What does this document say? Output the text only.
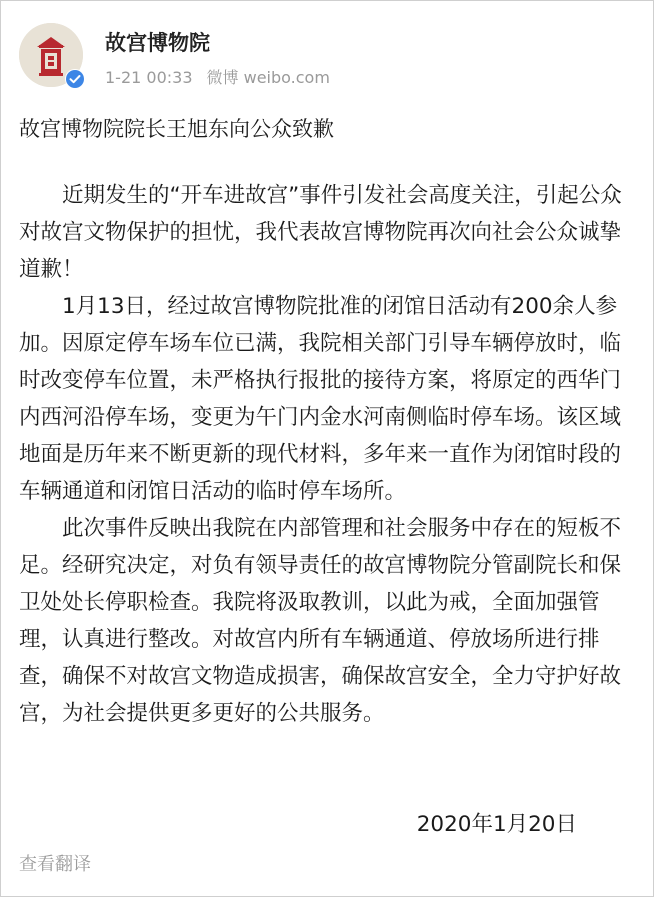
故宫博物院
1-21 00:33 微博 weibo.com
故宫博物院院长王旭东向公众致歉

近期发生的“开车进故宫”事件引发社会高度关注，引起公众对故宫文物保护的担忧，我代表故宫博物院再次向社会公众诚挚道歉！

1月13日，经过故宫博物院批准的闭馆日活动有200余人参加。因原定停车场车位已满，我院相关部门引导车辆停放时，临时改变停车位置，未严格执行报批的接待方案，将原定的西华门内西河沿停车场，变更为午门内金水河南侧临时停车场。该区域地面是历年来不断更新的现代材料，多年来一直作为闭馆时段的车辆通道和闭馆日活动的临时停车场所。

此次事件反映出我院在内部管理和社会服务中存在的短板不足。经研究决定，对负有领导责任的故宫博物院分管副院长和保卫处处长停职检查。我院将汲取教训，以此为戒，全面加强管理，认真进行整改。对故宫内所有车辆通道、停放场所进行排查，确保不对故宫文物造成损害，确保故宫安全，全力守护好故宫，为社会提供更多更好的公共服务。

2020年1月20日
查看翻译
